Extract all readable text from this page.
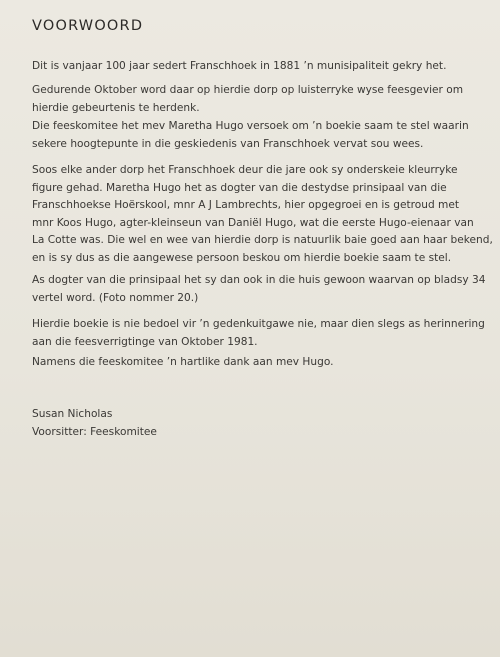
VOORWOORD
Dit is vanjaar 100 jaar sedert Franschhoek in 1881 ’n munisipaliteit gekry het.
Gedurende Oktober word daar op hierdie dorp op luisterryke wyse feesgevier om
hierdie gebeurtenis te herdenk.
Die feeskomitee het mev Maretha Hugo versoek om ’n boekie saam te stel waarin
sekere hoogtepunte in die geskiedenis van Franschhoek vervat sou wees.
Soos elke ander dorp het Franschhoek deur die jare ook sy onderskeie kleurryke
figure gehad. Maretha Hugo het as dogter van die destydse prinsipaal van die
Franschhoekse Hoërskool, mnr A J Lambrechts, hier opgegroei en is getroud met
mnr Koos Hugo, agter-kleinseun van Daniël Hugo, wat die eerste Hugo-eienaar van
La Cotte was. Die wel en wee van hierdie dorp is natuurlik baie goed aan haar bekend,
en is sy dus as die aangewese persoon beskou om hierdie boekie saam te stel.
As dogter van die prinsipaal het sy dan ook in die huis gewoon waarvan op bladsy 34
vertel word. (Foto nommer 20.)
Hierdie boekie is nie bedoel vir ’n gedenkuitgawe nie, maar dien slegs as herinnering
aan die feesverrigtinge van Oktober 1981.
Namens die feeskomitee ’n hartlike dank aan mev Hugo.
Susan Nicholas
Voorsitter: Feeskomitee
